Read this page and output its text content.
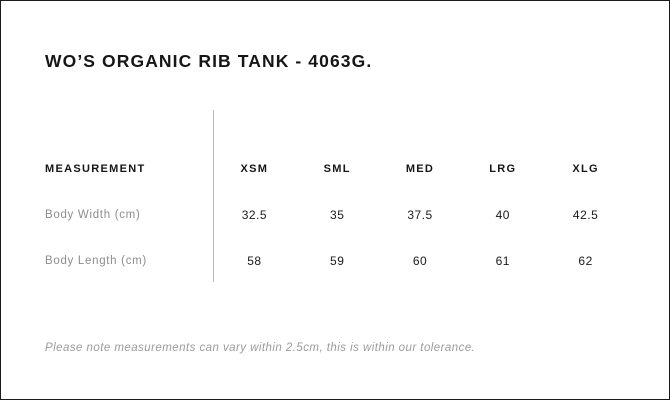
WO’S ORGANIC RIB TANK - 4063G.
MEASUREMENT	XSM	SML	MED	LRG	XLG
Body Width (cm)	32.5	35	37.5	40	42.5
Body Length (cm)	58	59	60	61	62
Please note measurements can vary within 2.5cm, this is within our tolerance.
